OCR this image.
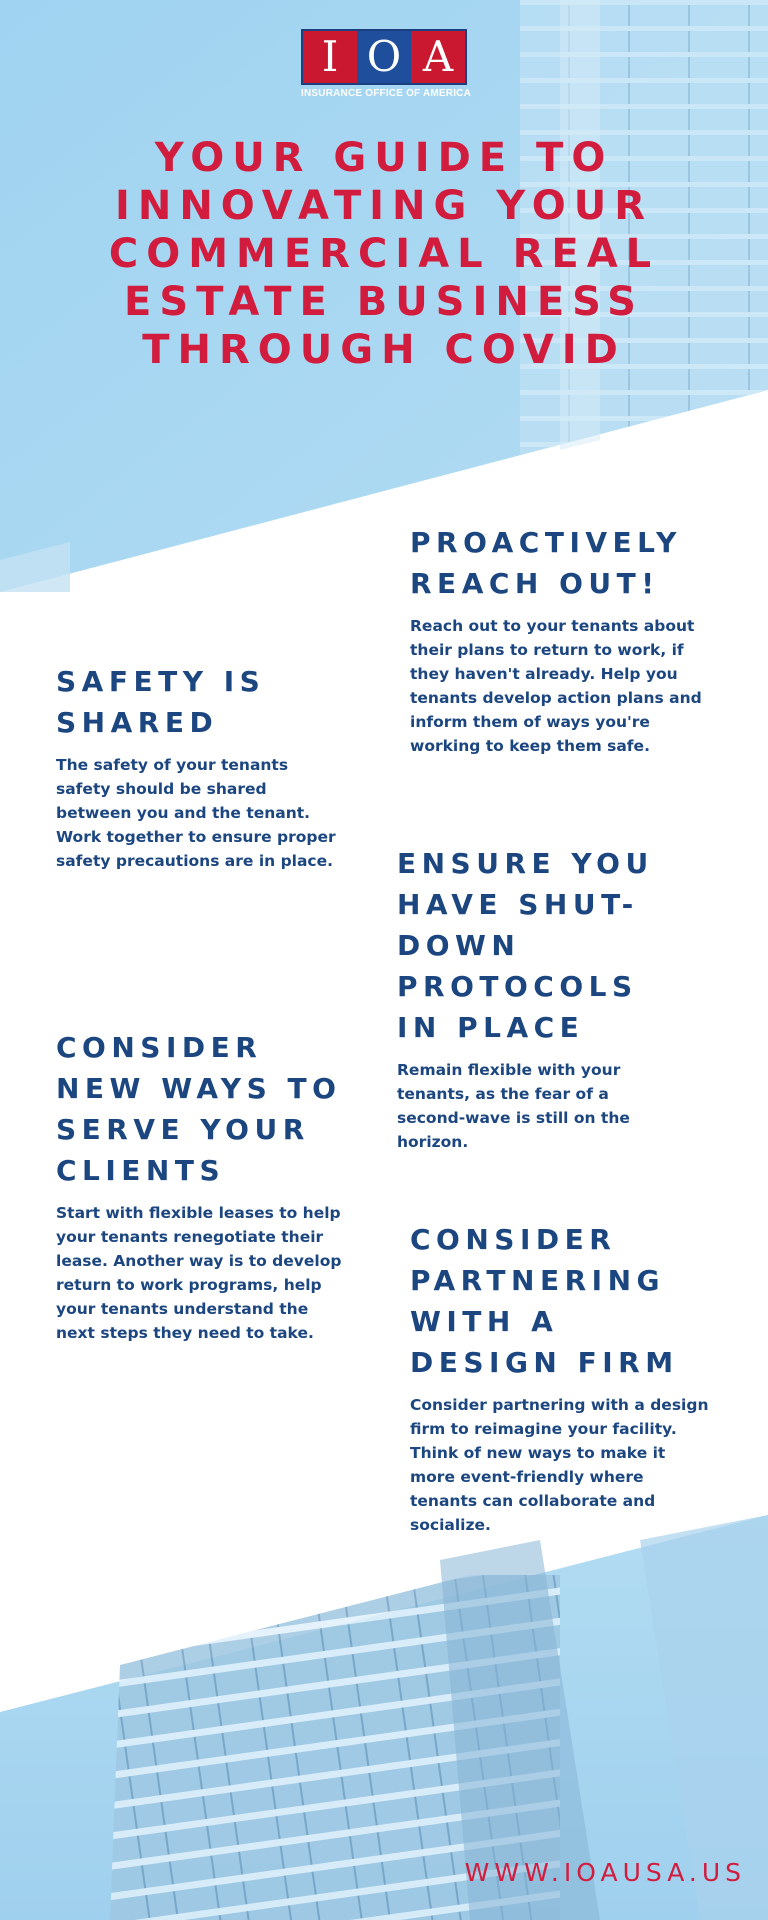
I O A
INSURANCE OFFICE OF AMERICA
YOUR GUIDE TO INNOVATING YOUR COMMERCIAL REAL ESTATE BUSINESS THROUGH COVID
PROACTIVELY REACH OUT!

Reach out to your tenants about their plans to return to work, if they haven't already. Help you tenants develop action plans and inform them of ways you're working to keep them safe.

SAFETY IS SHARED

The safety of your tenants safety should be shared between you and the tenant. Work together to ensure proper safety precautions are in place.	ENSURE YOU HAVE SHUT-DOWN PROTOCOLS IN PLACE

Remain flexible with your tenants, as the fear of a second-wave is still on the horizon.

CONSIDER NEW WAYS TO SERVE YOUR CLIENTS

Start with flexible leases to help your tenants renegotiate their lease. Another way is to develop return to work programs, help your tenants understand the next steps they need to take.

CONSIDER PARTNERING WITH A DESIGN FIRM

Consider partnering with a design firm to reimagine your facility. Think of new ways to make it more event-friendly where tenants can collaborate and socialize.

WWW.IOAUSA.US
